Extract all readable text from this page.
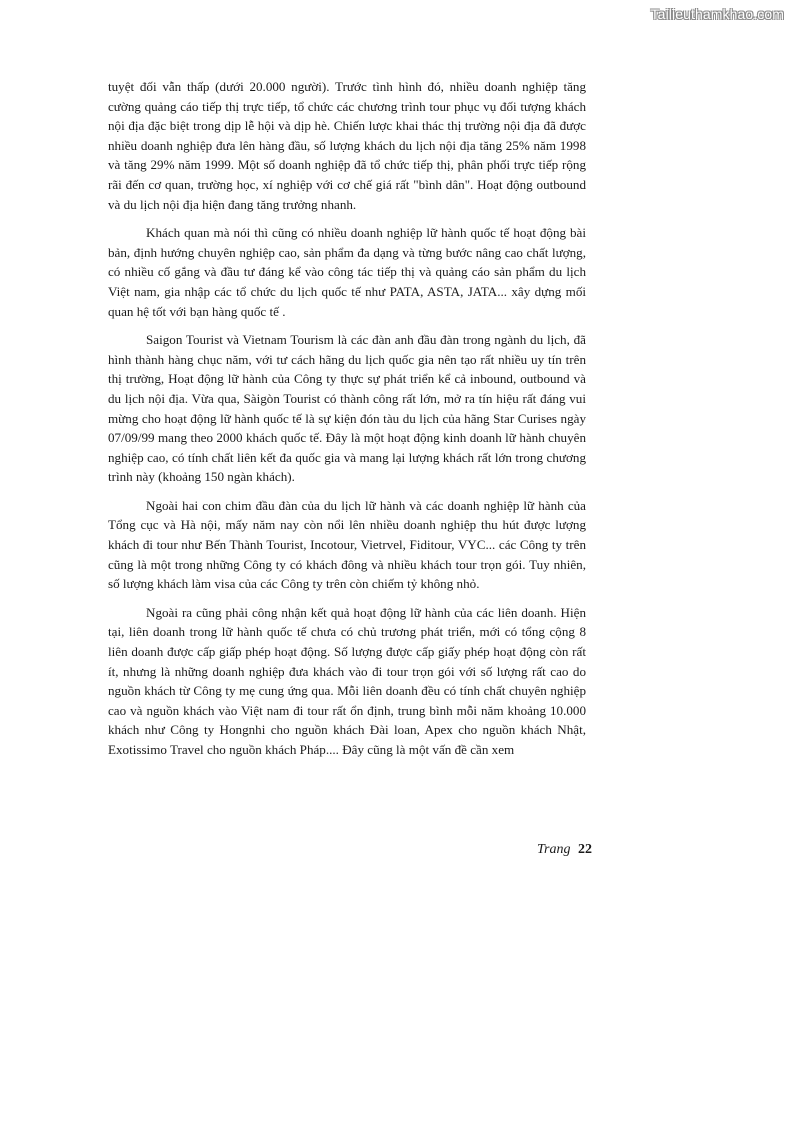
Tailieuthamkhao.com

tuyệt đối vẫn thấp (dưới 20.000 người). Trước tình hình đó, nhiều doanh nghiệp tăng cường quảng cáo tiếp thị trực tiếp, tổ chức các chương trình tour phục vụ đối tượng khách nội địa đặc biệt trong dịp lễ hội và dịp hè. Chiến lược khai thác thị trường nội địa đã được nhiều doanh nghiệp đưa lên hàng đầu, số lượng khách du lịch nội địa tăng 25% năm 1998 và tăng 29% năm 1999. Một số doanh nghiệp đã tổ chức tiếp thị, phân phối trực tiếp rộng rãi đến cơ quan, trường học, xí nghiệp với cơ chế giá rất "bình dân". Hoạt động outbound và du lịch nội địa hiện đang tăng trưởng nhanh.

Khách quan mà nói thì cũng có nhiều doanh nghiệp lữ hành quốc tế hoạt động bài bản, định hướng chuyên nghiệp cao, sản phẩm đa dạng và từng bước nâng cao chất lượng, có nhiều cố gắng và đầu tư đáng kể vào công tác tiếp thị và quảng cáo sản phẩm du lịch Việt nam, gia nhập các tổ chức du lịch quốc tế như PATA, ASTA, JATA... xây dựng mối quan hệ tốt với bạn hàng quốc tế .

Saigon Tourist và Vietnam Tourism là các đàn anh đầu đàn trong ngành du lịch, đã hình thành hàng chục năm, với tư cách hãng du lịch quốc gia nên tạo rất nhiều uy tín trên thị trường, Hoạt động lữ hành của Công ty thực sự phát triển kể cả inbound, outbound và du lịch nội địa. Vừa qua, Sàigòn Tourist có thành công rất lớn, mở ra tín hiệu rất đáng vui mừng cho hoạt động lữ hành quốc tế là sự kiện đón tàu du lịch của hãng Star Curises ngày 07/09/99 mang theo 2000 khách quốc tế. Đây là một hoạt động kinh doanh lữ hành chuyên nghiệp cao, có tính chất liên kết đa quốc gia và mang lại lượng khách rất lớn trong chương trình này (khoảng 150 ngàn khách).

Ngoài hai con chim đầu đàn của du lịch lữ hành và các doanh nghiệp lữ hành của Tổng cục và Hà nội, mấy năm nay còn nổi lên nhiều doanh nghiệp thu hút được lượng khách đi tour như Bến Thành Tourist, Incotour, Vietrvel, Fiditour, VYC... các Công ty trên cũng là một trong những Công ty có khách đông và nhiều khách tour trọn gói. Tuy nhiên, số lượng khách làm visa của các Công ty trên còn chiếm tỷ không nhỏ.

Ngoài ra cũng phải công nhận kết quả hoạt động lữ hành của các liên doanh. Hiện tại, liên doanh trong lữ hành quốc tế chưa có chủ trương phát triển, mới có tổng cộng 8 liên doanh được cấp giấp phép hoạt động. Số lượng được cấp giấy phép hoạt động còn rất ít, nhưng là những doanh nghiệp đưa khách vào đi tour trọn gói với số lượng rất cao do nguồn khách từ Công ty mẹ cung ứng qua. Mỗi liên doanh đều có tính chất chuyên nghiệp cao và nguồn khách vào Việt nam đi tour rất ổn định, trung bình mỗi năm khoảng 10.000 khách như Công ty Hongnhi cho nguồn khách Đài loan, Apex cho nguồn khách Nhật, Exotissimo Travel cho nguồn khách Pháp.... Đây cũng là một vấn đề cần xem

Trang 22
